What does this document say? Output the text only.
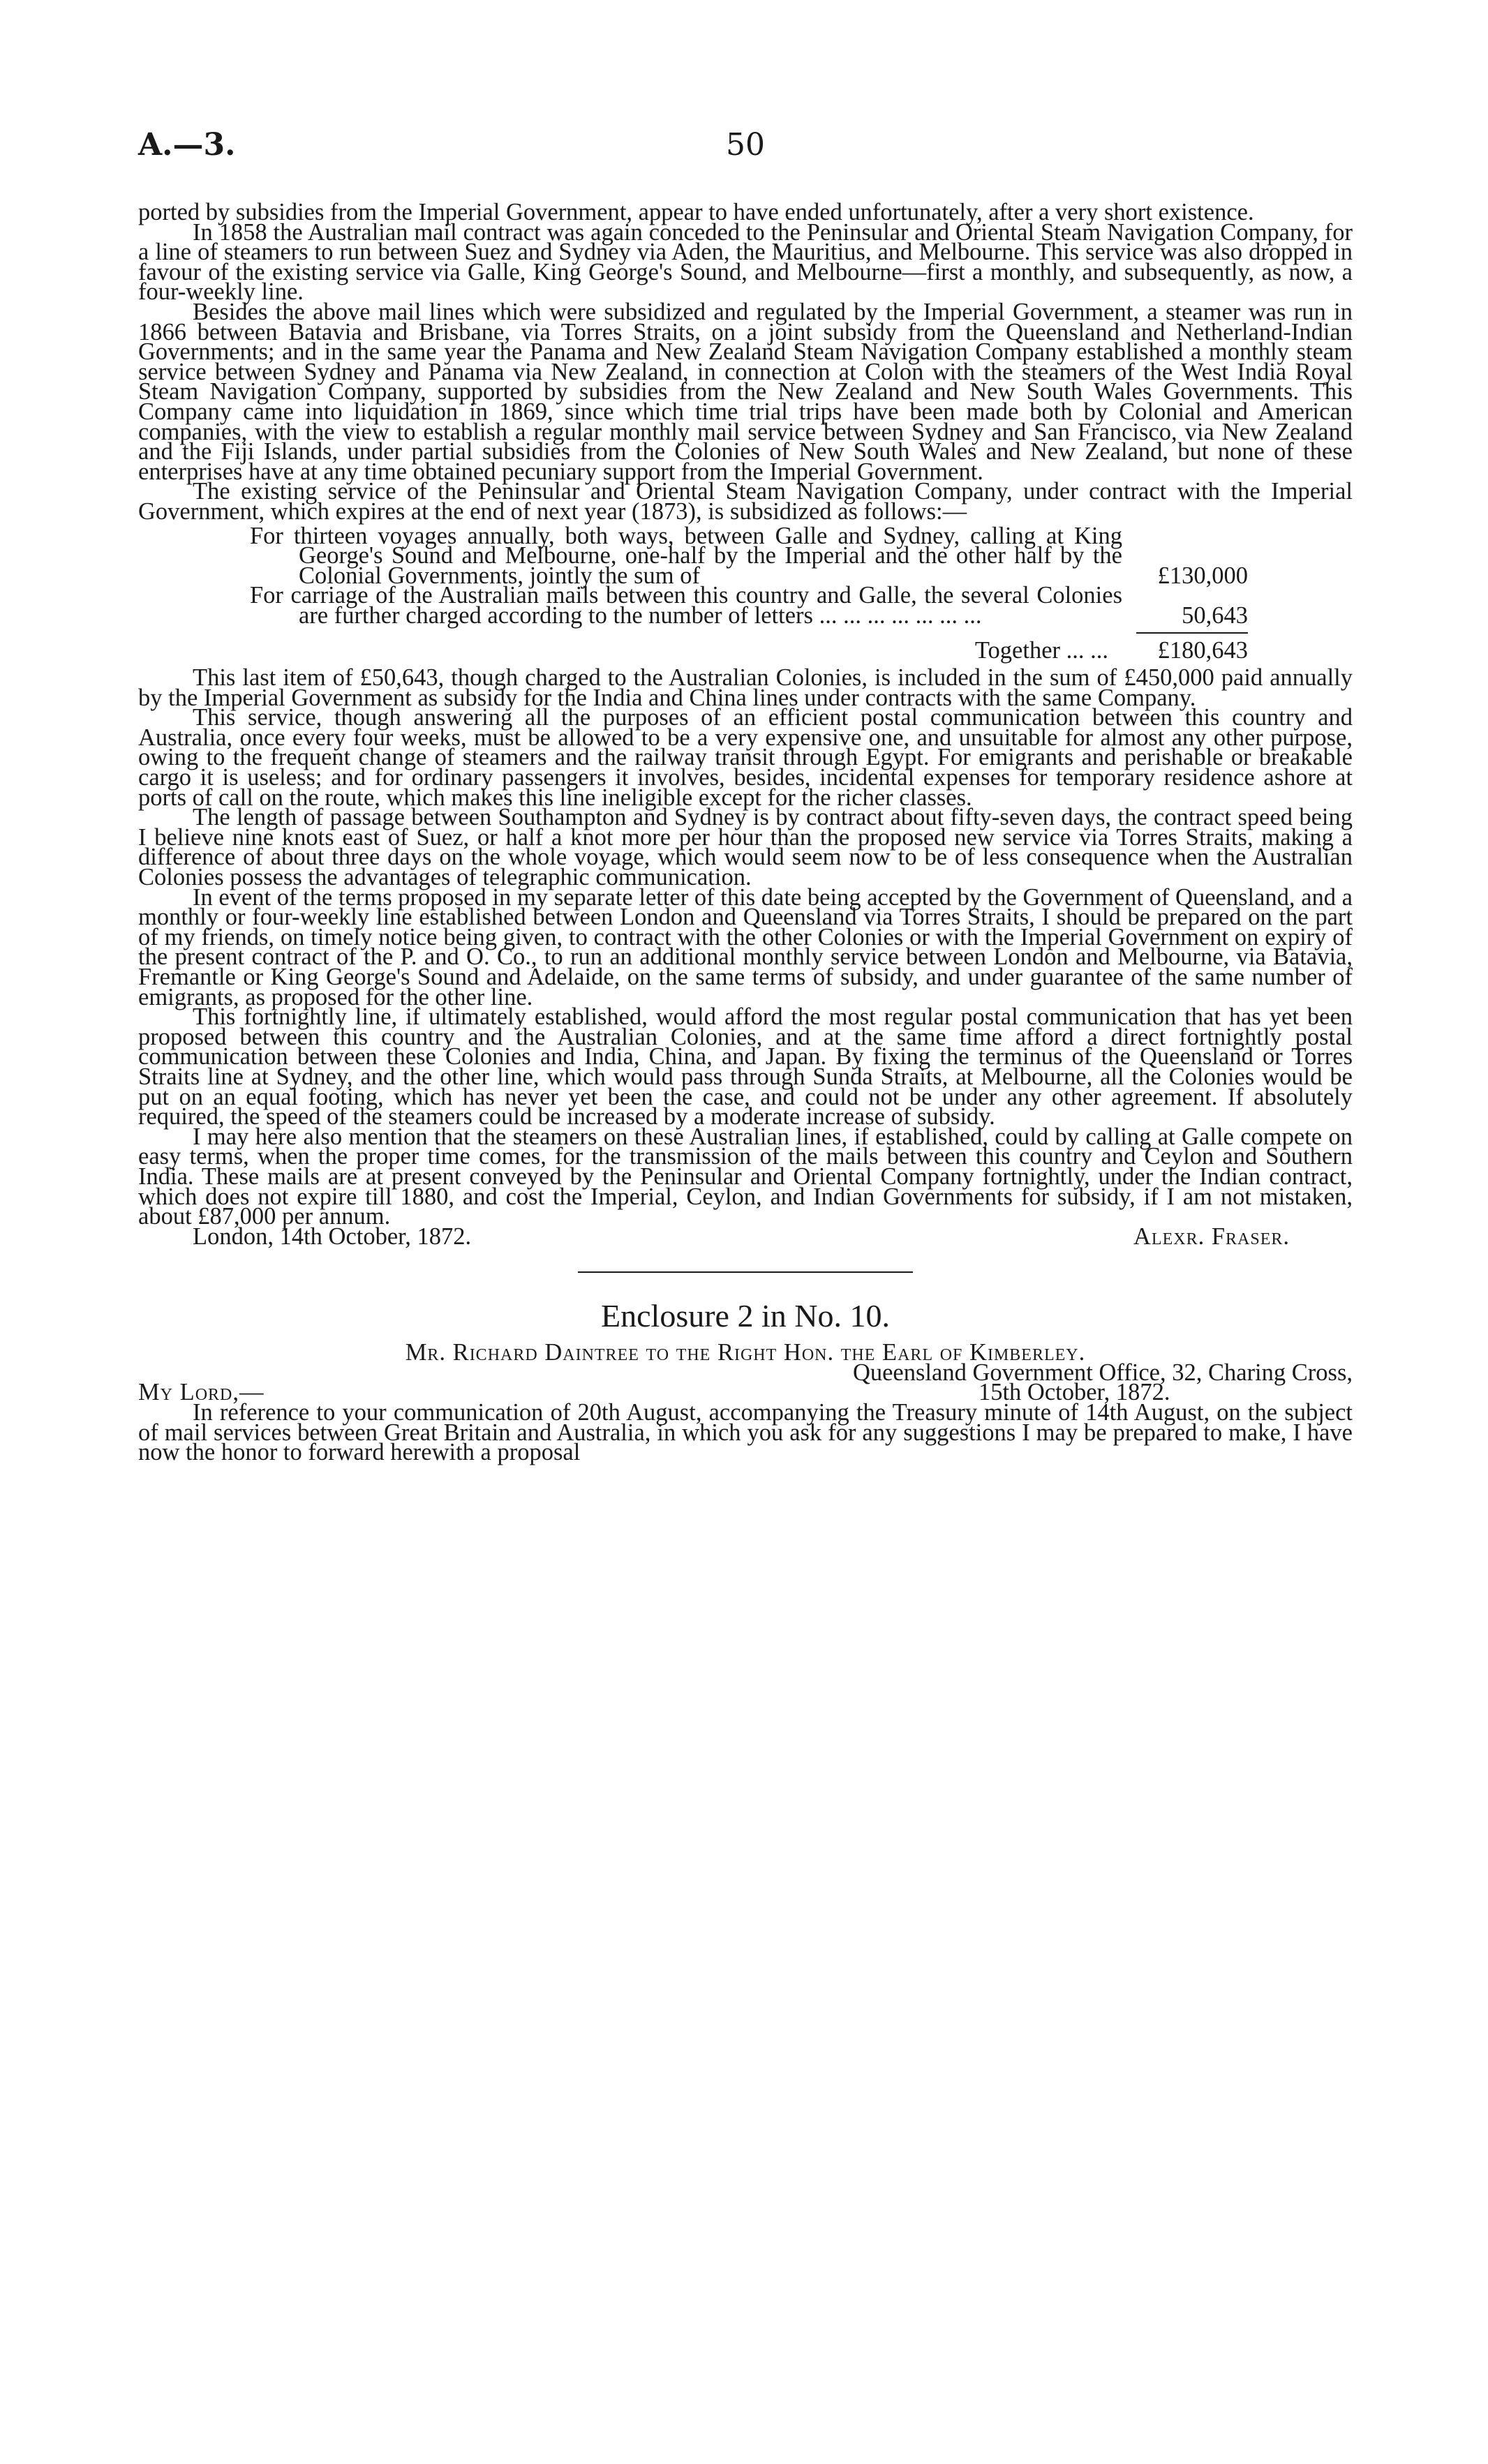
A.—3.	50

ported by subsidies from the Imperial Government, appear to have ended unfortunately, after a very short existence.

In 1858 the Australian mail contract was again conceded to the Peninsular and Oriental Steam Navigation Company, for a line of steamers to run between Suez and Sydney via Aden, the Mauritius, and Melbourne. This service was also dropped in favour of the existing service via Galle, King George's Sound, and Melbourne—first a monthly, and subsequently, as now, a four-weekly line.

Besides the above mail lines which were subsidized and regulated by the Imperial Government, a steamer was run in 1866 between Batavia and Brisbane, via Torres Straits, on a joint subsidy from the Queensland and Netherland-Indian Governments; and in the same year the Panama and New Zealand Steam Navigation Company established a monthly steam service between Sydney and Panama via New Zealand, in connection at Colon with the steamers of the West India Royal Steam Navigation Company, supported by subsidies from the New Zealand and New South Wales Governments. This Company came into liquidation in 1869, since which time trial trips have been made both by Colonial and American companies, with the view to establish a regular monthly mail service between Sydney and San Francisco, via New Zealand and the Fiji Islands, under partial subsidies from the Colonies of New South Wales and New Zealand, but none of these enterprises have at any time obtained pecuniary support from the Imperial Government.

The existing service of the Peninsular and Oriental Steam Navigation Company, under contract with the Imperial Government, which expires at the end of next year (1873), is subsidized as follows:—

For thirteen voyages annually, both ways, between Galle and Sydney, calling at King George's Sound and Melbourne, one-half by the Imperial and the other half by the Colonial Governments, jointly the sum of	£130,000
For carriage of the Australian mails between this country and Galle, the several Colonies are further charged according to the number of letters ... ... ... ... ... ... ...	50,643
Together ... ...	£180,643

This last item of £50,643, though charged to the Australian Colonies, is included in the sum of £450,000 paid annually by the Imperial Government as subsidy for the India and China lines under contracts with the same Company.

This service, though answering all the purposes of an efficient postal communication between this country and Australia, once every four weeks, must be allowed to be a very expensive one, and unsuitable for almost any other purpose, owing to the frequent change of steamers and the railway transit through Egypt. For emigrants and perishable or breakable cargo it is useless; and for ordinary passengers it involves, besides, incidental expenses for temporary residence ashore at ports of call on the route, which makes this line ineligible except for the richer classes.

The length of passage between Southampton and Sydney is by contract about fifty-seven days, the contract speed being I believe nine knots east of Suez, or half a knot more per hour than the proposed new service via Torres Straits, making a difference of about three days on the whole voyage, which would seem now to be of less consequence when the Australian Colonies possess the advantages of telegraphic communication.

In event of the terms proposed in my separate letter of this date being accepted by the Government of Queensland, and a monthly or four-weekly line established between London and Queensland via Torres Straits, I should be prepared on the part of my friends, on timely notice being given, to contract with the other Colonies or with the Imperial Government on expiry of the present contract of the P. and O. Co., to run an additional monthly service between London and Melbourne, via Batavia, Fremantle or King George's Sound and Adelaide, on the same terms of subsidy, and under guarantee of the same number of emigrants, as proposed for the other line.

This fortnightly line, if ultimately established, would afford the most regular postal communication that has yet been proposed between this country and the Australian Colonies, and at the same time afford a direct fortnightly postal communication between these Colonies and India, China, and Japan. By fixing the terminus of the Queensland or Torres Straits line at Sydney, and the other line, which would pass through Sunda Straits, at Melbourne, all the Colonies would be put on an equal footing, which has never yet been the case, and could not be under any other agreement. If absolutely required, the speed of the steamers could be increased by a moderate increase of subsidy.

I may here also mention that the steamers on these Australian lines, if established, could by calling at Galle compete on easy terms, when the proper time comes, for the transmission of the mails between this country and Ceylon and Southern India. These mails are at present conveyed by the Peninsular and Oriental Company fortnightly, under the Indian contract, which does not expire till 1880, and cost the Imperial, Ceylon, and Indian Governments for subsidy, if I am not mistaken, about £87,000 per annum.

London, 14th October, 1872.	Alexr. Fraser.
Enclosure 2 in No. 10.
Mr. Richard Daintree to the Right Hon. the Earl of Kimberley.
My Lord,—
Queensland Government Office, 32, Charing Cross,
15th October, 1872.

In reference to your communication of 20th August, accompanying the Treasury minute of 14th August, on the subject of mail services between Great Britain and Australia, in which you ask for any suggestions I may be prepared to make, I have now the honor to forward herewith a proposal
